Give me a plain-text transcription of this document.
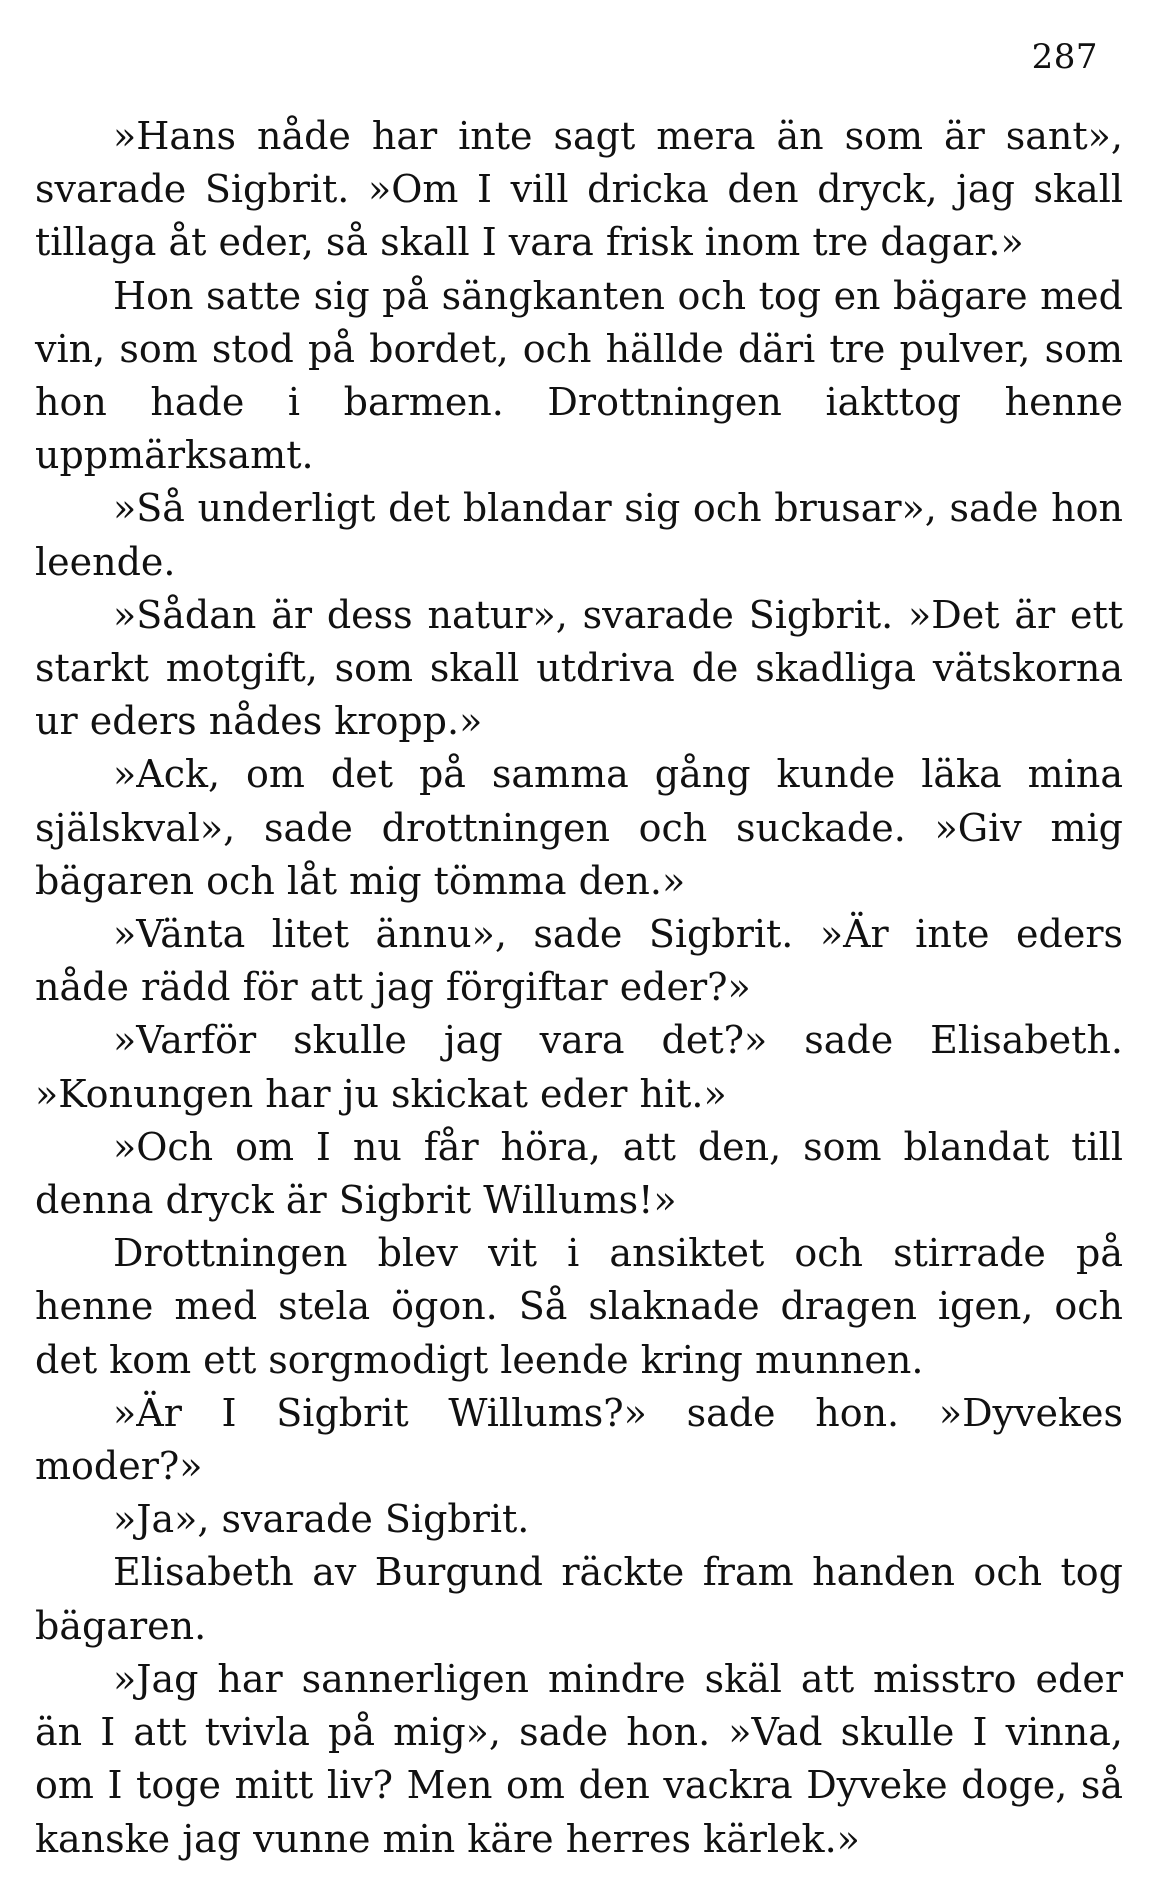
287

»Hans nåde har inte sagt mera än som är sant», svarade Sigbrit. »Om I vill dricka den dryck, jag skall tillaga åt eder, så skall I vara frisk inom tre dagar.»

Hon satte sig på sängkanten och tog en bägare med vin, som stod på bordet, och hällde däri tre pulver, som hon hade i barmen. Drottningen iakttog henne uppmärksamt.

»Så underligt det blandar sig och brusar», sade hon leende.

»Sådan är dess natur», svarade Sigbrit. »Det är ett starkt motgift, som skall utdriva de skadliga vätskorna ur eders nådes kropp.»

»Ack, om det på samma gång kunde läka mina själskval», sade drottningen och suckade. »Giv mig bägaren och låt mig tömma den.»

»Vänta litet ännu», sade Sigbrit. »Är inte eders nåde rädd för att jag förgiftar eder?»

»Varför skulle jag vara det?» sade Elisabeth. »Konungen har ju skickat eder hit.»

»Och om I nu får höra, att den, som blandat till denna dryck är Sigbrit Willums!»

Drottningen blev vit i ansiktet och stirrade på henne med stela ögon. Så slaknade dragen igen, och det kom ett sorgmodigt leende kring munnen.

»Är I Sigbrit Willums?» sade hon. »Dyvekes moder?»

»Ja», svarade Sigbrit.

Elisabeth av Burgund räckte fram handen och tog bägaren.

»Jag har sannerligen mindre skäl att misstro eder än I att tvivla på mig», sade hon. »Vad skulle I vinna, om I toge mitt liv? Men om den vackra Dyveke doge, så kanske jag vunne min käre herres kärlek.»
